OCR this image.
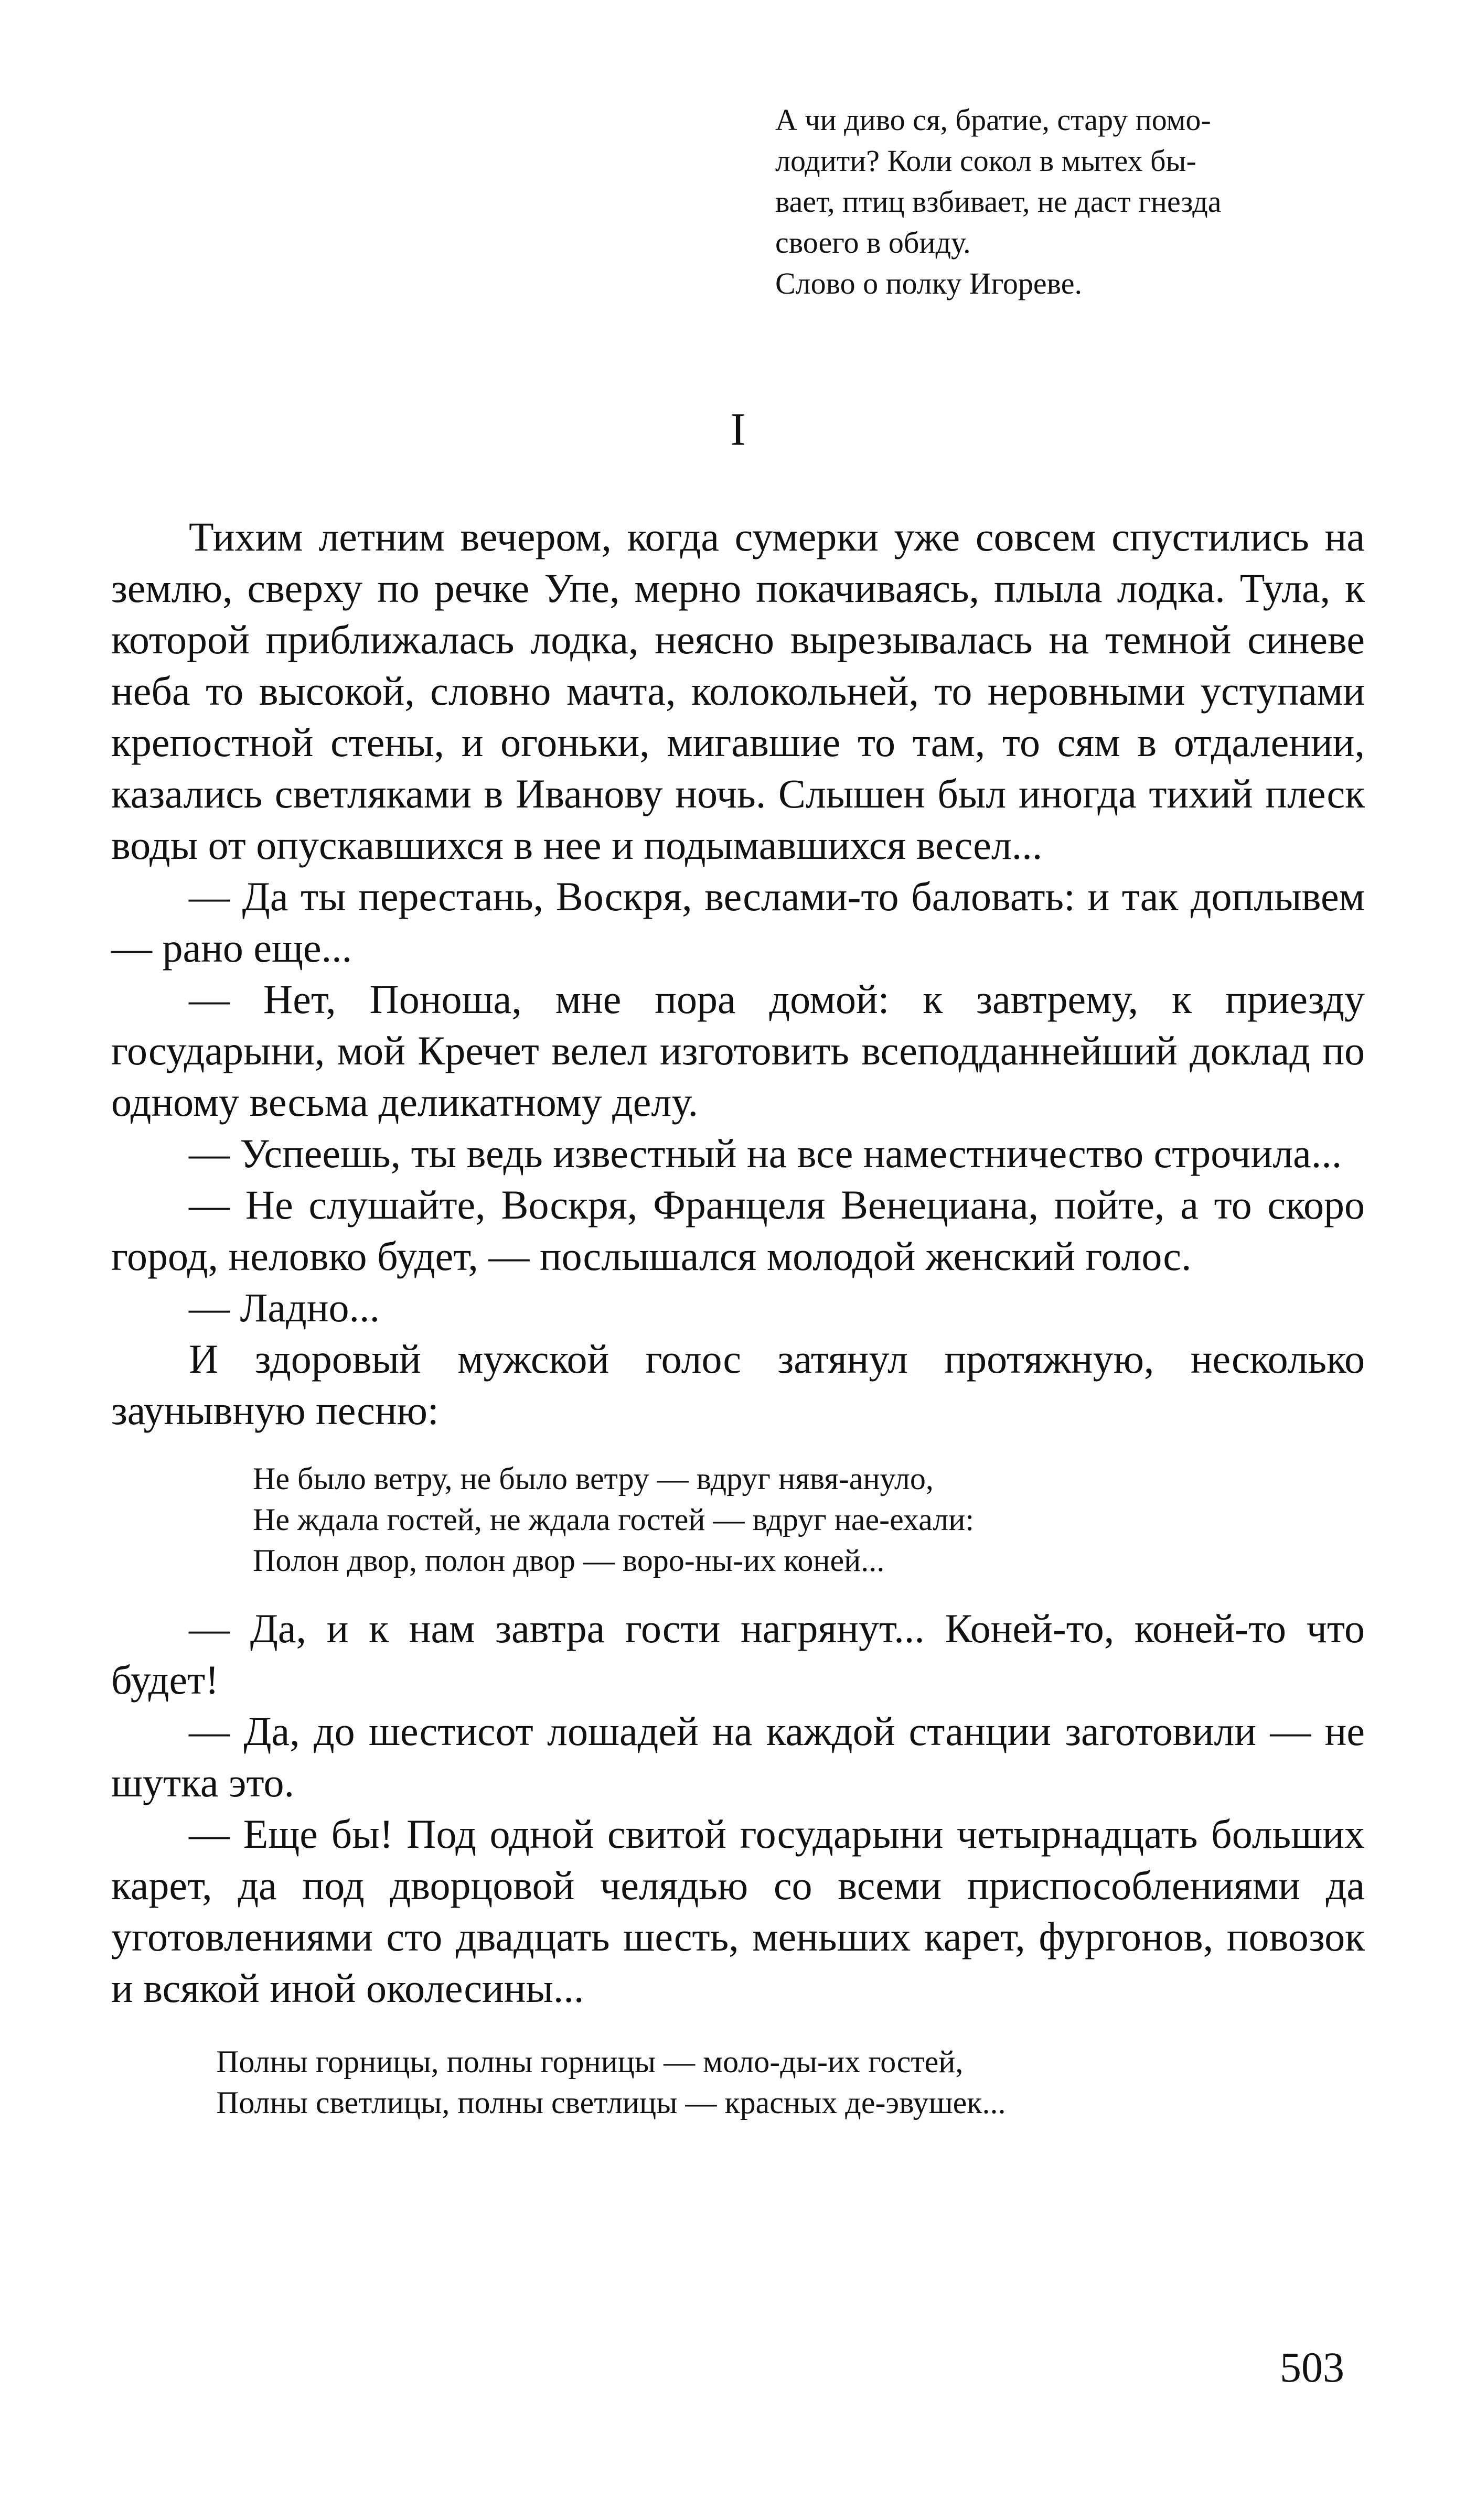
А чи диво ся, братие, стару помо-
лодити? Коли сокол в мытех бы-
вает, птиц взбивает, не даст гнезда
своего в обиду.
Слово о полку Игореве.
I

Тихим летним вечером, когда сумерки уже совсем спустились на землю, сверху по речке Упе, мерно покачиваясь, плыла лодка. Тула, к которой приближалась лодка, неясно вырезывалась на темной синеве неба то высокой, словно мачта, колокольней, то неровными уступами крепостной стены, и огоньки, мигавшие то там, то сям в отдалении, казались светляками в Иванову ночь. Слышен был иногда тихий плеск воды от опускавшихся в нее и подымавшихся весел...

— Да ты перестань, Воскря, веслами-то баловать: и так доплывем — рано еще...

— Нет, Поноша, мне пора домой: к завтрему, к приезду государыни, мой Кречет велел изготовить всеподданнейший доклад по одному весьма деликатному делу.

— Успеешь, ты ведь известный на все наместничество строчила...

— Не слушайте, Воскря, Францеля Венециана, пойте, а то скоро город, неловко будет, — послышался молодой женский голос.

— Ладно...

И здоровый мужской голос затянул протяжную, несколько заунывную песню:

Не было ветру, не было ветру — вдруг нявя-ануло,
Не ждала гостей, не ждала гостей — вдруг нае-ехали:
Полон двор, полон двор — воро-ны-их коней...

— Да, и к нам завтра гости нагрянут... Коней-то, коней-то что будет!

— Да, до шестисот лошадей на каждой станции заготовили — не шутка это.

— Еще бы! Под одной свитой государыни четырнадцать больших карет, да под дворцовой челядью со всеми приспособлениями да уготовлениями сто двадцать шесть, меньших карет, фургонов, повозок и всякой иной околесины...

Полны горницы, полны горницы — моло-ды-их гостей,
Полны светлицы, полны светлицы — красных де-эвушек...
503
